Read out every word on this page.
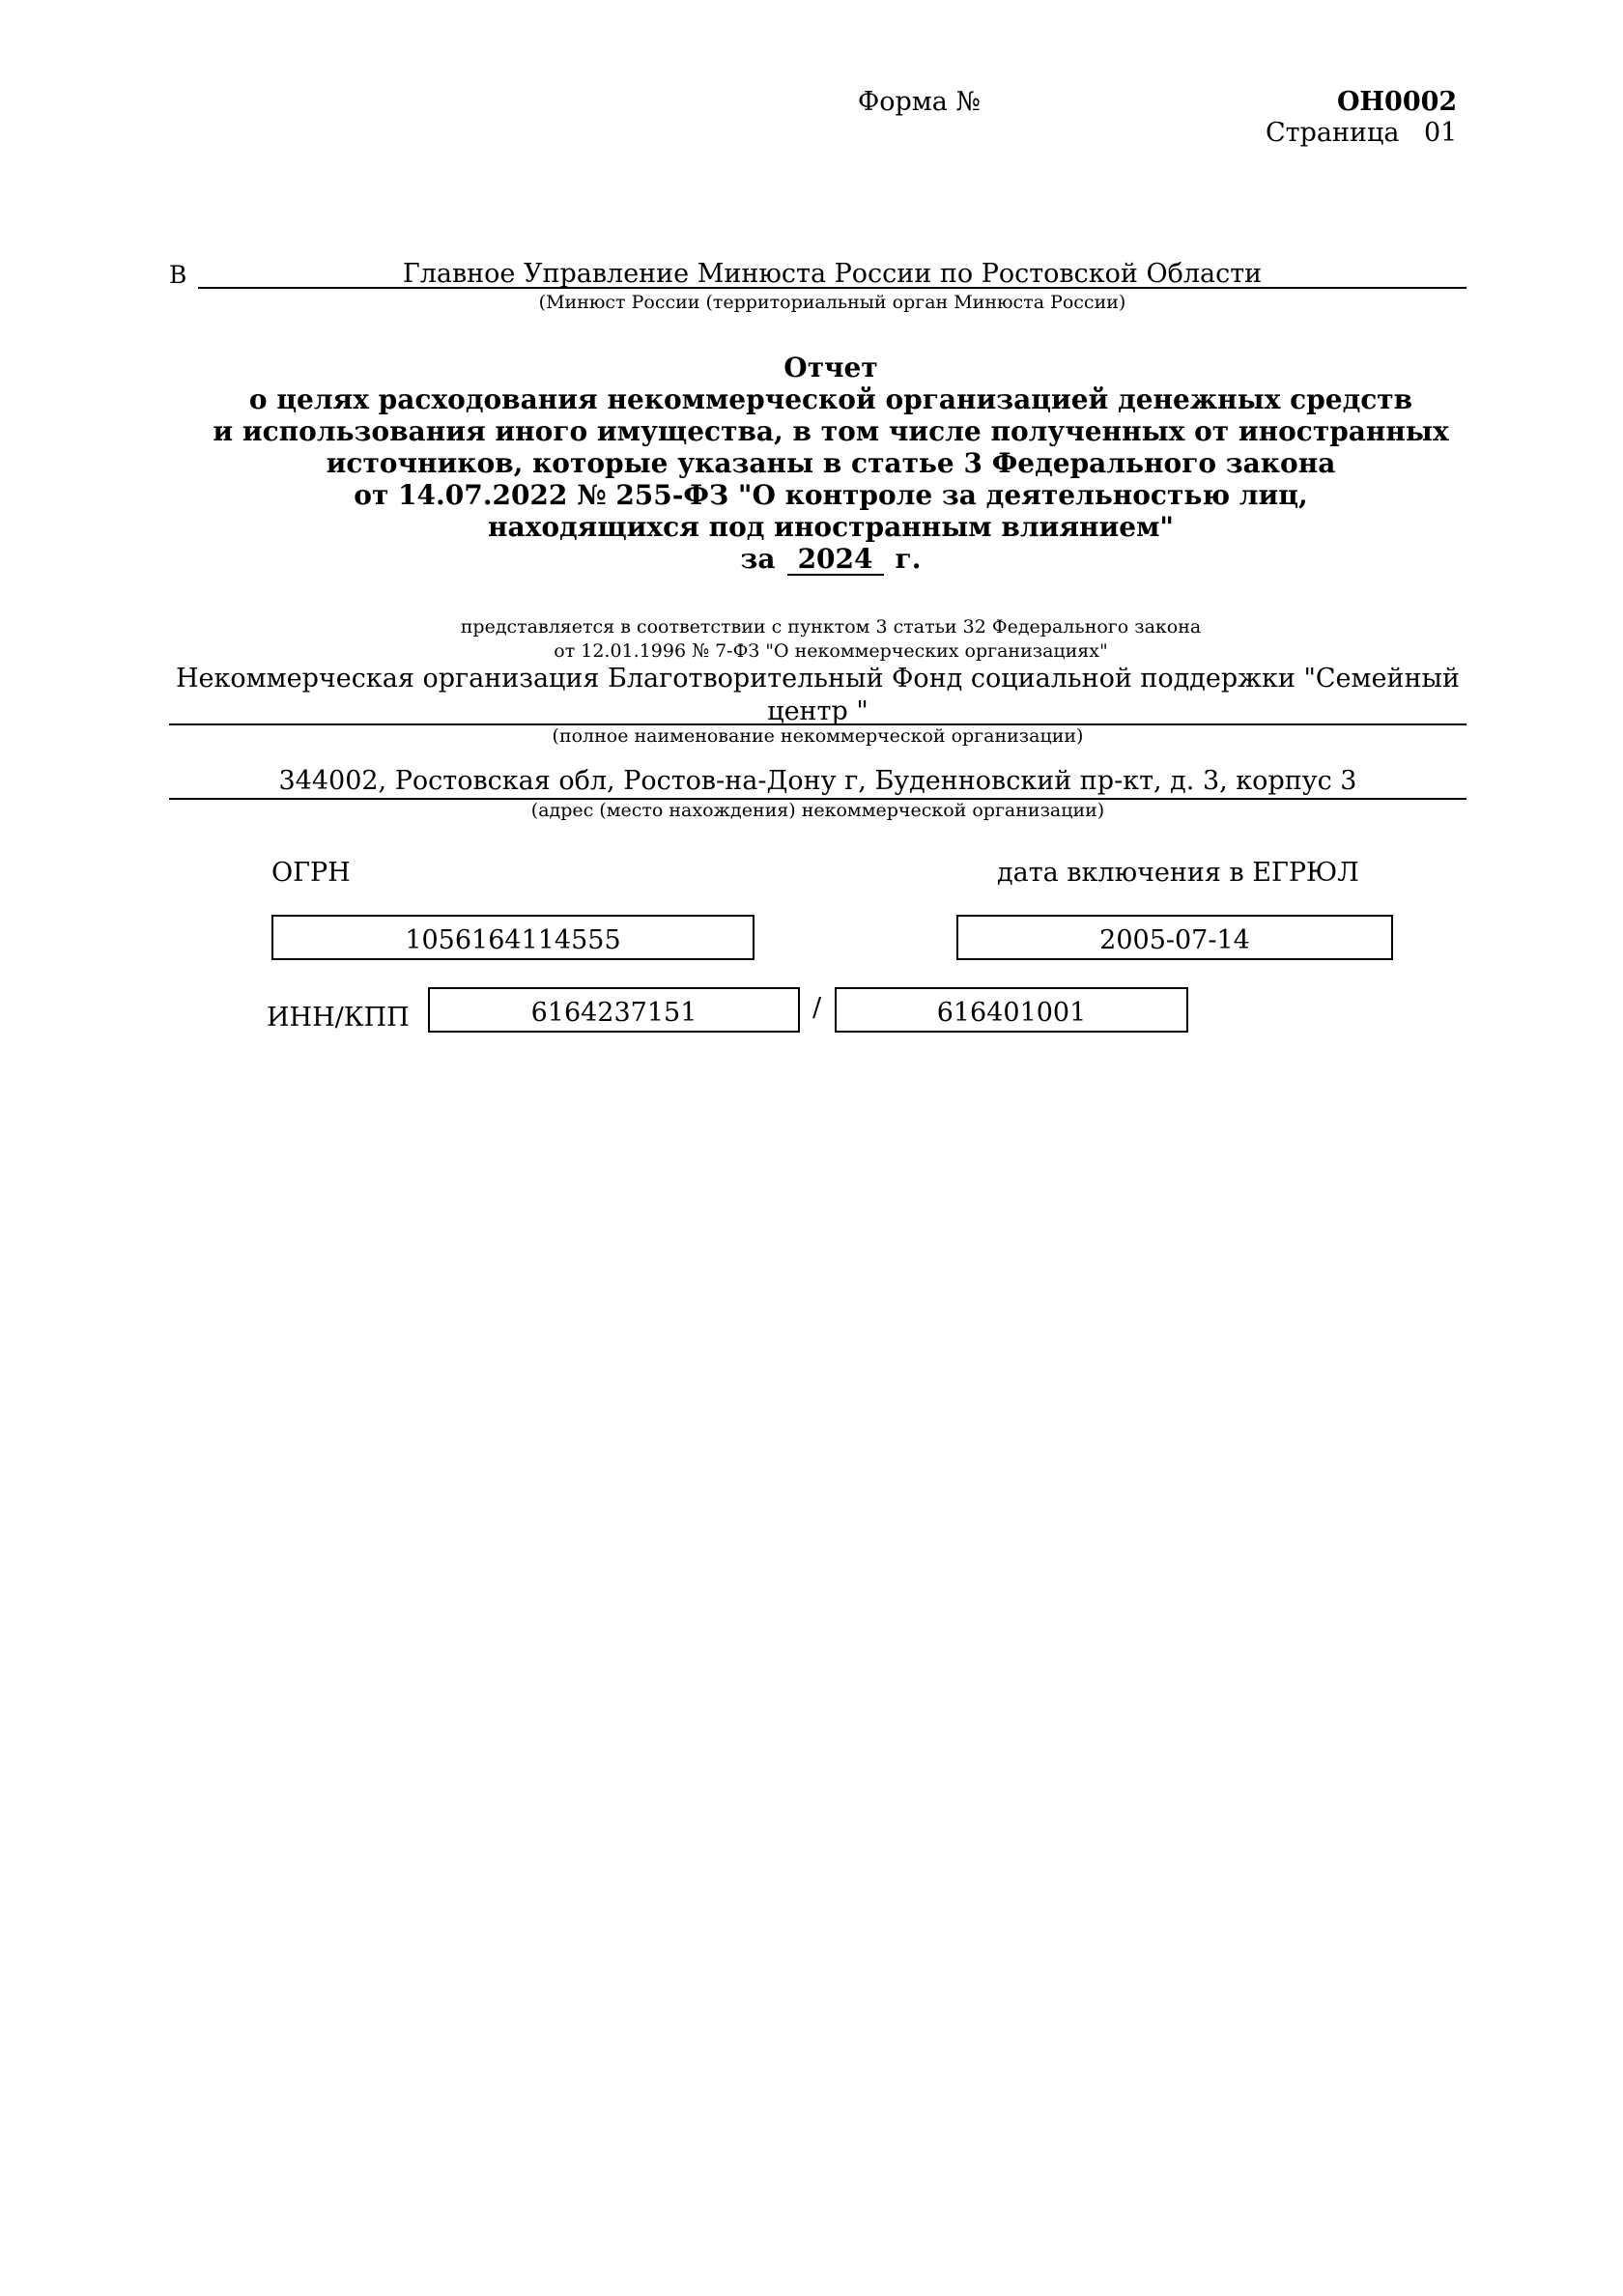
Форма №	ОН0002
Страница 01
В	Главное Управление Минюста России по Ростовской Области
(Минюст России (территориальный орган Минюста России)
Отчет
о целях расходования некоммерческой организацией денежных средств
и использования иного имущества, в том числе полученных от иностранных
источников, которые указаны в статье 3 Федерального закона
от 14.07.2022 № 255-ФЗ "О контроле за деятельностью лиц,
находящихся под иностранным влиянием"
за 2024 г.
представляется в соответствии с пунктом 3 статьи 32 Федерального закона
от 12.01.1996 № 7-ФЗ "О некоммерческих организациях"
Некоммерческая организация Благотворительный Фонд социальной поддержки "Семейный центр "
(полное наименование некоммерческой организации)
344002, Ростовская обл, Ростов-на-Дону г, Буденновский пр-кт, д. 3, корпус 3
(адрес (место нахождения) некоммерческой организации)
ОГРН	дата включения в ЕГРЮЛ
1056164114555	2005-07-14
ИНН/КПП	6164237151	/	616401001
